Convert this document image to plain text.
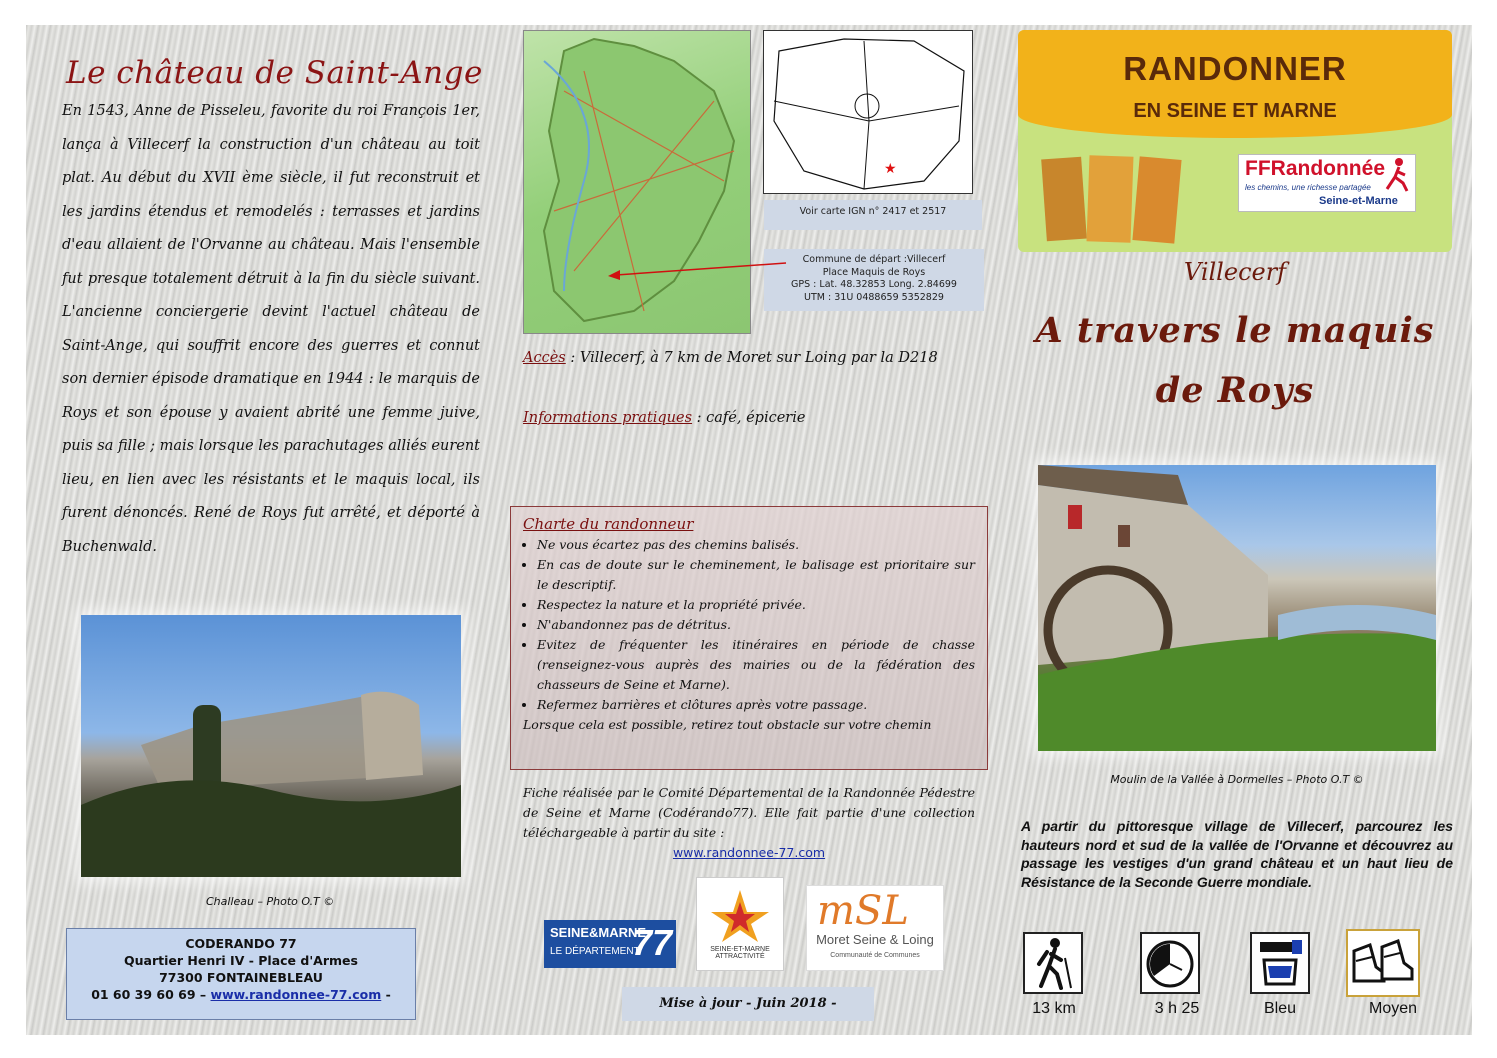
Le château de Saint-Ange
En 1543, Anne de Pisseleu, favorite du roi François 1er, lança à Villecerf la construction d'un château au toit plat. Au début du XVII ème siècle, il fut reconstruit et les jardins étendus et remodelés : terrasses et jardins d'eau allaient de l'Orvanne au château. Mais l'ensemble fut presque totalement détruit à la fin du siècle suivant. L'ancienne conciergerie devint l'actuel château de Saint-Ange, qui souffrit encore des guerres et connut son dernier épisode dramatique en 1944 : le marquis de Roys et son épouse y avaient abrité une femme juive, puis sa fille ; mais lorsque les parachutages alliés eurent lieu, en lien avec les résistants et le maquis local, ils furent dénoncés. René de Roys fut arrêté, et déporté à Buchenwald.
Challeau – Photo O.T ©
CODERANDO 77
Quartier Henri IV - Place d'Armes
77300 FONTAINEBLEAU
01 60 39 60 69 – www.randonnee-77.com -
★
Voir carte IGN n° 2417 et 2517
Commune de départ :Villecerf
Place Maquis de Roys
GPS : Lat. 48.32853 Long. 2.84699
UTM : 31U 0488659 5352829
Accès : Villecerf, à 7 km de Moret sur Loing par la D218
Informations pratiques : café, épicerie
Charte du randonneur
• Ne vous écartez pas des chemins balisés.
• En cas de doute sur le cheminement, le balisage est prioritaire sur le descriptif.
• Respectez la nature et la propriété privée.
• N'abandonnez pas de détritus.
• Evitez de fréquenter les itinéraires en période de chasse (renseignez-vous auprès des mairies ou de la fédération des chasseurs de Seine et Marne).
• Refermez barrières et clôtures après votre passage.
Lorsque cela est possible, retirez tout obstacle sur votre chemin
Fiche réalisée par le Comité Départemental de la Randonnée Pédestre de Seine et Marne (Codérando77). Elle fait partie d'une collection téléchargeable à partir du site :
www.randonnee-77.com
SEINE&MARNE
LE DÉPARTEMENT
77	SEINE-ET-MARNE ATTRACTIVITÉ
mSL
Moret Seine & Loing
Communauté de Communes
Mise à jour - Juin 2018 -
RANDONNER
EN SEINE ET MARNE
FFRandonnée
les chemins, une richesse partagée
Seine-et-Marne
Villecerf
A travers le maquis
de Roys
Moulin de la Vallée à Dormelles – Photo O.T ©
A partir du pittoresque village de Villecerf, parcourez les hauteurs nord et sud de la vallée de l'Orvanne et découvrez au passage les vestiges d'un grand château et un haut lieu de Résistance de la Seconde Guerre mondiale.
13 km	3 h 25	Bleu	Moyen
